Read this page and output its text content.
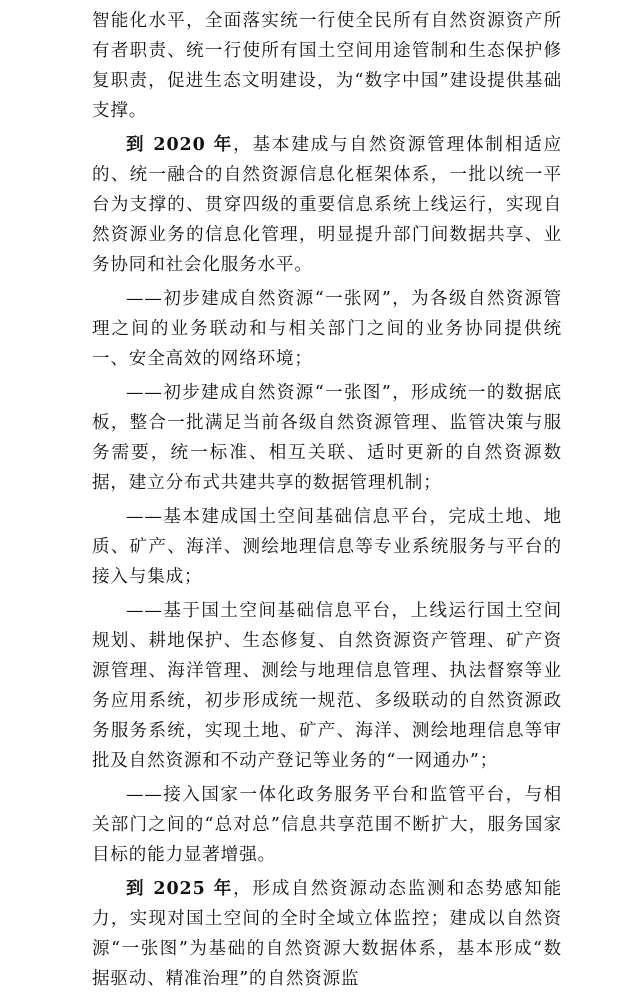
智能化水平，全面落实统一行使全民所有自然资源资产所有者职责、统一行使所有国土空间用途管制和生态保护修复职责，促进生态文明建设，为“数字中国”建设提供基础支撑。

到 2020 年，基本建成与自然资源管理体制相适应的、统一融合的自然资源信息化框架体系，一批以统一平台为支撑的、贯穿四级的重要信息系统上线运行，实现自然资源业务的信息化管理，明显提升部门间数据共享、业务协同和社会化服务水平。

——初步建成自然资源“一张网”，为各级自然资源管理之间的业务联动和与相关部门之间的业务协同提供统一、安全高效的网络环境；

——初步建成自然资源“一张图”，形成统一的数据底板，整合一批满足当前各级自然资源管理、监管决策与服务需要，统一标准、相互关联、适时更新的自然资源数据，建立分布式共建共享的数据管理机制；

——基本建成国土空间基础信息平台，完成土地、地质、矿产、海洋、测绘地理信息等专业系统服务与平台的接入与集成；

——基于国土空间基础信息平台，上线运行国土空间规划、耕地保护、生态修复、自然资源资产管理、矿产资源管理、海洋管理、测绘与地理信息管理、执法督察等业务应用系统，初步形成统一规范、多级联动的自然资源政务服务系统，实现土地、矿产、海洋、测绘地理信息等审批及自然资源和不动产登记等业务的“一网通办”；

——接入国家一体化政务服务平台和监管平台，与相关部门之间的“总对总”信息共享范围不断扩大，服务国家目标的能力显著增强。

到 2025 年，形成自然资源动态监测和态势感知能力，实现对国土空间的全时全域立体监控；建成以自然资源“一张图”为基础的自然资源大数据体系，基本形成“数据驱动、精准治理”的自然资源监
